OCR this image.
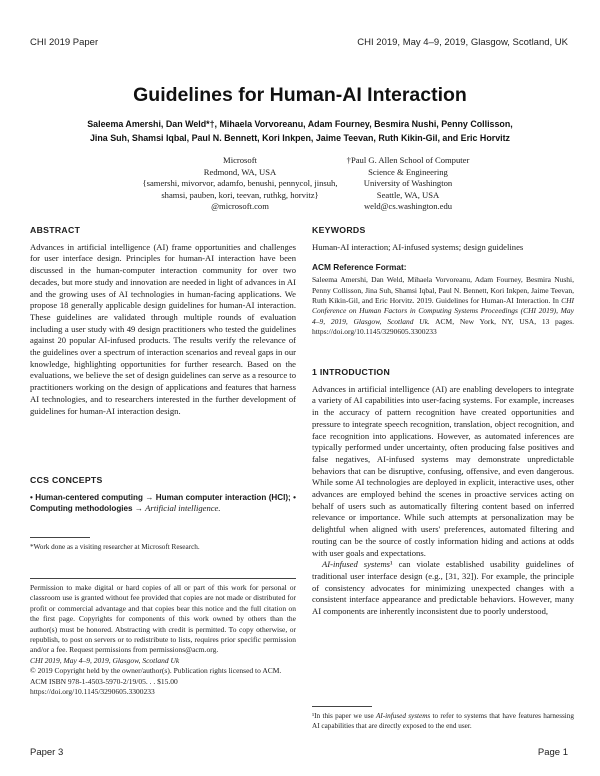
CHI 2019 Paper	CHI 2019, May 4–9, 2019, Glasgow, Scotland, UK
Guidelines for Human-AI Interaction
Saleema Amershi, Dan Weld*†, Mihaela Vorvoreanu, Adam Fourney, Besmira Nushi, Penny Collisson,
Jina Suh, Shamsi Iqbal, Paul N. Bennett, Kori Inkpen, Jaime Teevan, Ruth Kikin-Gil, and Eric Horvitz
Microsoft
Redmond, WA, USA
{samershi, mivorvor, adamfo, benushi, pennycol, jinsuh,
shamsi, pauben, kori, teevan, ruthkg, horvitz}
@microsoft.com
†Paul G. Allen School of Computer
Science & Engineering
University of Washington
Seattle, WA, USA
weld@cs.washington.edu
ABSTRACT

Advances in artificial intelligence (AI) frame opportunities and challenges for user interface design. Principles for human-AI interaction have been discussed in the human-computer interaction community for over two decades, but more study and innovation are needed in light of advances in AI and the growing uses of AI technologies in human-facing applications. We propose 18 generally applicable design guidelines for human-AI interaction. These guidelines are validated through multiple rounds of evaluation including a user study with 49 design practitioners who tested the guidelines against 20 popular AI-infused products. The results verify the relevance of the guidelines over a spectrum of interaction scenarios and reveal gaps in our knowledge, highlighting opportunities for further research. Based on the evaluations, we believe the set of design guidelines can serve as a resource to practitioners working on the design of applications and features that harness AI technologies, and to researchers interested in the further development of guidelines for human-AI interaction design.

CCS CONCEPTS

• Human-centered computing → Human computer interaction (HCI); • Computing methodologies → Artificial intelligence.

*Work done as a visiting researcher at Microsoft Research.
Permission to make digital or hard copies of all or part of this work for personal or classroom use is granted without fee provided that copies are not made or distributed for profit or commercial advantage and that copies bear this notice and the full citation on the first page. Copyrights for components of this work owned by others than the author(s) must be honored. Abstracting with credit is permitted. To copy otherwise, or republish, to post on servers or to redistribute to lists, requires prior specific permission and/or a fee. Request permissions from permissions@acm.org.
CHI 2019, May 4–9, 2019, Glasgow, Scotland Uk
© 2019 Copyright held by the owner/author(s). Publication rights licensed to ACM.
ACM ISBN 978-1-4503-5970-2/19/05. . . $15.00
https://doi.org/10.1145/3290605.3300233
KEYWORDS

Human-AI interaction; AI-infused systems; design guidelines

ACM Reference Format:

Saleema Amershi, Dan Weld, Mihaela Vorvoreanu, Adam Fourney, Besmira Nushi, Penny Collisson, Jina Suh, Shamsi Iqbal, Paul N. Bennett, Kori Inkpen, Jaime Teevan, Ruth Kikin-Gil, and Eric Horvitz. 2019. Guidelines for Human-AI Interaction. In CHI Conference on Human Factors in Computing Systems Proceedings (CHI 2019), May 4–9, 2019, Glasgow, Scotland Uk. ACM, New York, NY, USA, 13 pages. https://doi.org/10.1145/3290605.3300233

1 INTRODUCTION

Advances in artificial intelligence (AI) are enabling developers to integrate a variety of AI capabilities into user-facing systems. For example, increases in the accuracy of pattern recognition have created opportunities and pressure to integrate speech recognition, translation, object recognition, and face recognition into applications. However, as automated inferences are typically performed under uncertainty, often producing false positives and false negatives, AI-infused systems may demonstrate unpredictable behaviors that can be disruptive, confusing, offensive, and even dangerous. While some AI technologies are deployed in explicit, interactive uses, other advances are employed behind the scenes in proactive services acting on behalf of users such as automatically filtering content based on inferred relevance or importance. While such attempts at personalization may be delightful when aligned with users' preferences, automated filtering and routing can be the source of costly information hiding and actions at odds with user goals and expectations.

AI-infused systems¹ can violate established usability guidelines of traditional user interface design (e.g., [31, 32]). For example, the principle of consistency advocates for minimizing unexpected changes with a consistent interface appearance and predictable behaviors. However, many AI components are inherently inconsistent due to poorly understood,

¹In this paper we use AI-infused systems to refer to systems that have features harnessing AI capabilities that are directly exposed to the end user.
Paper 3	Page 1
